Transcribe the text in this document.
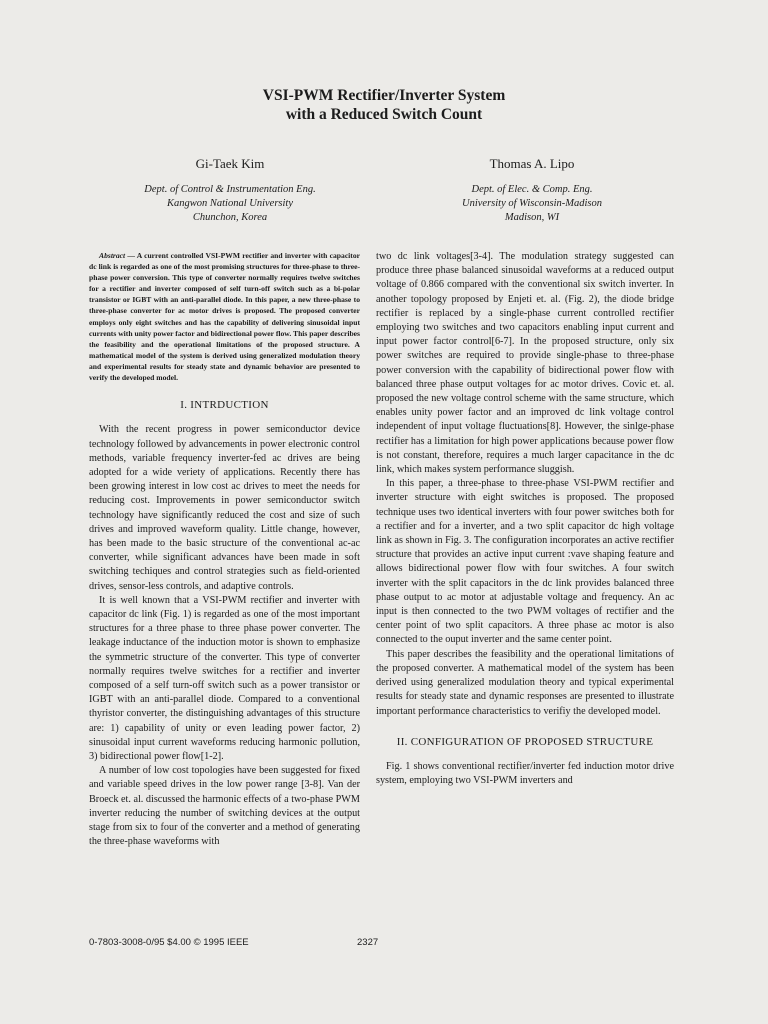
VSI-PWM Rectifier/Inverter System
with a Reduced Switch Count
Gi-Taek Kim
Dept. of Control & Instrumentation Eng.
Kangwon National University
Chunchon, Korea
Thomas A. Lipo
Dept. of Elec. & Comp. Eng.
University of Wisconsin-Madison
Madison, WI

Abstract — A current controlled VSI-PWM rectifier and inverter with capacitor dc link is regarded as one of the most promising structures for three-phase to three-phase power conversion. This type of converter normally requires twelve switches for a rectifier and inverter composed of self turn-off switch such as a bi-polar transistor or IGBT with an anti-parallel diode. In this paper, a new three-phase to three-phase converter for ac motor drives is proposed. The proposed converter employs only eight switches and has the capability of delivering sinusoidal input currents with unity power factor and bidirectional power flow. This paper describes the feasibility and the operational limitations of the proposed structure. A mathematical model of the system is derived using generalized modulation theory and experimental results for steady state and dynamic behavior are presented to verify the developed model.

I. INTRDUCTION

With the recent progress in power semiconductor device technology followed by advancements in power electronic control methods, variable frequency inverter-fed ac drives are being adopted for a wide veriety of applications. Recently there has been growing interest in low cost ac drives to meet the needs for reducing cost. Improvements in power semiconductor switch technology have significantly reduced the cost and size of such drives and improved waveform quality. Little change, however, has been made to the basic structure of the conventional ac-ac converter, while significant advances have been made in soft switching techiques and control strategies such as field-oriented drives, sensor-less controls, and adaptive controls.

It is well known that a VSI-PWM rectifier and inverter with capacitor dc link (Fig. 1) is regarded as one of the most important structures for a three phase to three phase power converter. The leakage inductance of the induction motor is shown to emphasize the symmetric structure of the converter. This type of converter normally requires twelve switches for a rectifier and inverter composed of a self turn-off switch such as a power transistor or IGBT with an anti-parallel diode. Compared to a conventional thyristor converter, the distinguishing advantages of this structure are: 1) capability of unity or even leading power factor, 2) sinusoidal input current waveforms reducing harmonic pollution, 3) bidirectional power flow[1-2].

A number of low cost topologies have been suggested for fixed and variable speed drives in the low power range [3-8]. Van der Broeck et. al. discussed the harmonic effects of a two-phase PWM inverter reducing the number of switching devices at the output stage from six to four of the converter and a method of generating the three-phase waveforms with

two dc link voltages[3-4]. The modulation strategy suggested can produce three phase balanced sinusoidal waveforms at a reduced output voltage of 0.866 compared with the conventional six switch inverter. In another topology proposed by Enjeti et. al. (Fig. 2), the diode bridge rectifier is replaced by a single-phase current controlled rectifier employing two switches and two capacitors enabling input current and input power factor control[6-7]. In the proposed structure, only six power switches are required to provide single-phase to three-phase power conversion with the capability of bidirectional power flow with balanced three phase output voltages for ac motor drives. Covic et. al. proposed the new voltage control scheme with the same structure, which enables unity power factor and an improved dc link voltage control independent of input voltage fluctuations[8]. However, the sinlge-phase rectifier has a limitation for high power applications because power flow is not constant, therefore, requires a much larger capacitance in the dc link, which makes system performance sluggish.

In this paper, a three-phase to three-phase VSI-PWM rectifier and inverter structure with eight switches is proposed. The proposed technique uses two identical inverters with four power switches both for a rectifier and for a inverter, and a two split capacitor dc high voltage link as shown in Fig. 3. The configuration incorporates an active rectifier structure that provides an active input current :vave shaping feature and allows bidirectional power flow with four switches. A four switch inverter with the split capacitors in the dc link provides balanced three phase output to ac motor at adjustable voltage and frequency. An ac input is then connected to the two PWM voltages of rectifier and the center point of two split capacitors. A three phase ac motor is also connected to the ouput inverter and the same center point.

This paper describes the feasibility and the operational limitations of the proposed converter. A mathematical model of the system has been derived using generalized modulation theory and typical experimental results for steady state and dynamic responses are presented to illustrate important performance characteristics to verifiy the developed model.

II. CONFIGURATION OF PROPOSED STRUCTURE

Fig. 1 shows conventional rectifier/inverter fed induction motor drive system, employing two VSI-PWM inverters and

0-7803-3008-0/95 $4.00 © 1995 IEEE	2327
